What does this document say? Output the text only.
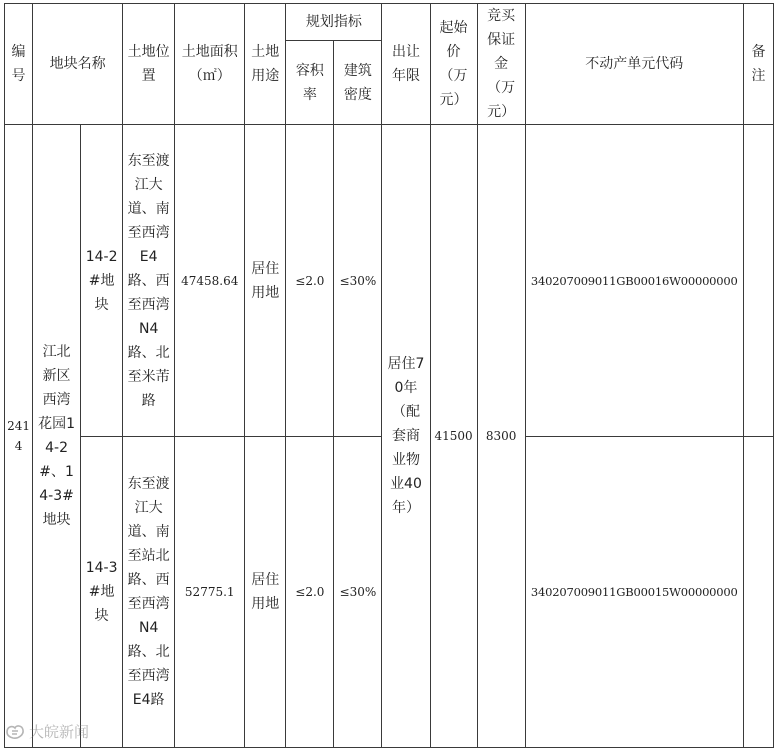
编号	地块名称		土地位置	土地面积（㎡）	土地用途	规划指标		出让年限	起始价（万元）	竞买保证金（万元）	不动产单元代码	备注
						容积率	建筑密度					
2414	江北新区西湾花园14-2#、14-3#地块	14-2#地块	东至渡江大道、南至西湾E4路、西至西湾N4路、北至米芾路	47458.64	居住用地	≤2.0	≤30%	居住70年（配套商业物业40年）	41500	8300	340207009011GB00016W00000000	
		14-3#地块	东至渡江大道、南至站北路、西至西湾N4路、北至西湾E4路	52775.1	居住用地	≤2.0	≤30%				340207009011GB00015W00000000	
大皖新闻
